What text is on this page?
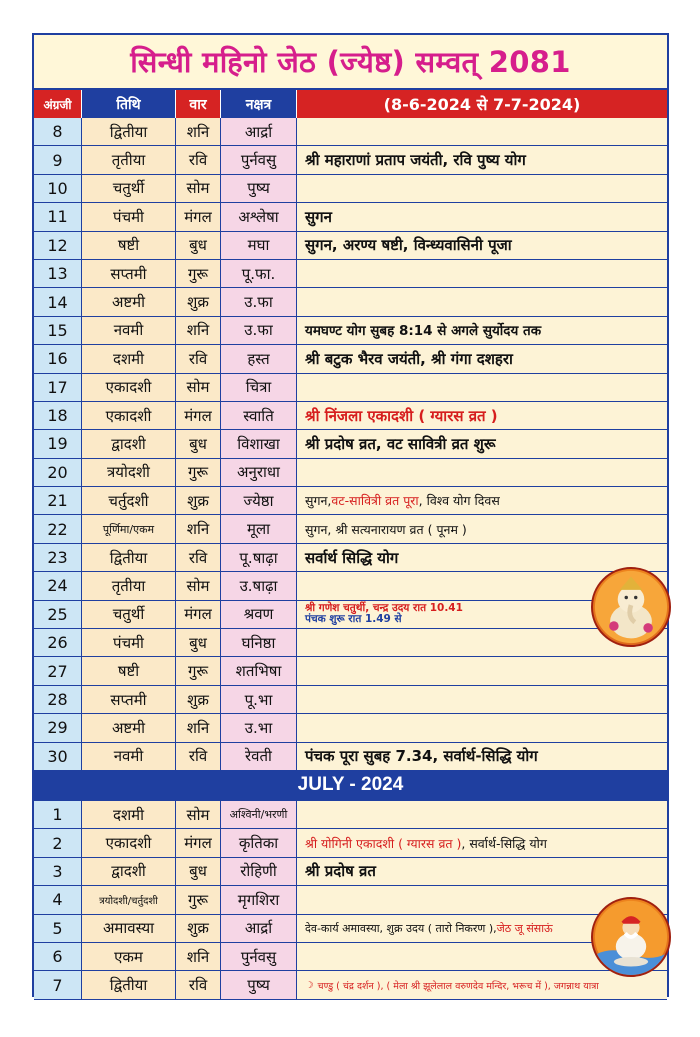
सिन्धी महिनो जेठ (ज्येष्ठ) सम्वत् 2081
अंग्रजी	तिथि	वार	नक्षत्र	(8-6-2024 से 7-7-2024)
8	द्वितीया	शनि	आर्द्रा
9	तृतीया	रवि	पुर्नवसु	श्री महाराणां प्रताप जयंती, रवि पुष्य योग
10	चतुर्थी	सोम	पुष्य
11	पंचमी	मंगल	अश्लेषा	सुगन
12	षष्टी	बुध	मघा	सुगन, अरण्य षष्टी, विन्ध्यवासिनी पूजा
13	सप्तमी	गुरू	पू.फा.
14	अष्टमी	शुक्र	उ.फा
15	नवमी	शनि	उ.फा	यमघण्ट योग सुबह 8:14 से अगले सुर्योदय तक
16	दशमी	रवि	हस्त	श्री बटुक भैरव जयंती, श्री गंगा दशहरा
17	एकादशी	सोम	चित्रा
18	एकादशी	मंगल	स्वाति	श्री निंजला एकादशी ( ग्यारस व्रत )
19	द्वादशी	बुध	विशाखा	श्री प्रदोष व्रत, वट सावित्री व्रत शुरू
20	त्रयोदशी	गुरू	अनुराधा
21	चर्तुदशी	शुक्र	ज्येष्ठा	सुगन, वट-सावित्री व्रत पूरा , विश्व योग दिवस
22	पूर्णिमा/एकम	शनि	मूला	सुगन, श्री सत्यनारायण व्रत ( पूनम )
23	द्वितीया	रवि	पू.षाढ़ा	सर्वार्थ सिद्धि योग
24	तृतीया	सोम	उ.षाढ़ा
25	चतुर्थी	मंगल	श्रवण	श्री गणेश चतुर्थी, चन्द्र उदय रात 10.41
पंचक शुरू रात 1.49 से
26	पंचमी	बुध	घनिष्ठा
27	षष्टी	गुरू	शतभिषा
28	सप्तमी	शुक्र	पू.भा
29	अष्टमी	शनि	उ.भा
30	नवमी	रवि	रेवती	पंचक पूरा सुबह 7.34, सर्वार्थ-सिद्धि योग
JULY - 2024
1	दशमी	सोम	अश्विनी/भरणी
2	एकादशी	मंगल	कृतिका	श्री योगिनी एकादशी ( ग्यारस व्रत ) , सर्वार्थ-सिद्धि योग
3	द्वादशी	बुध	रोहिणी	श्री प्रदोष व्रत
4	त्रयोदशी/चर्तुदशी	गुरू	मृगशिरा
5	अमावस्या	शुक्र	आर्द्रा	देव-कार्य अमावस्या, शुक्र उदय ( तारो निकरण ), जेठ जू संसाऊं
6	एकम	शनि	पुर्नवसु
7	द्वितीया	रवि	पुष्य	☽ चण्डु ( चंद्र दर्शन ), ( मेला श्री झूलेलाल वरुणदेव मन्दिर, भरूच में ), जगन्नाथ यात्रा
